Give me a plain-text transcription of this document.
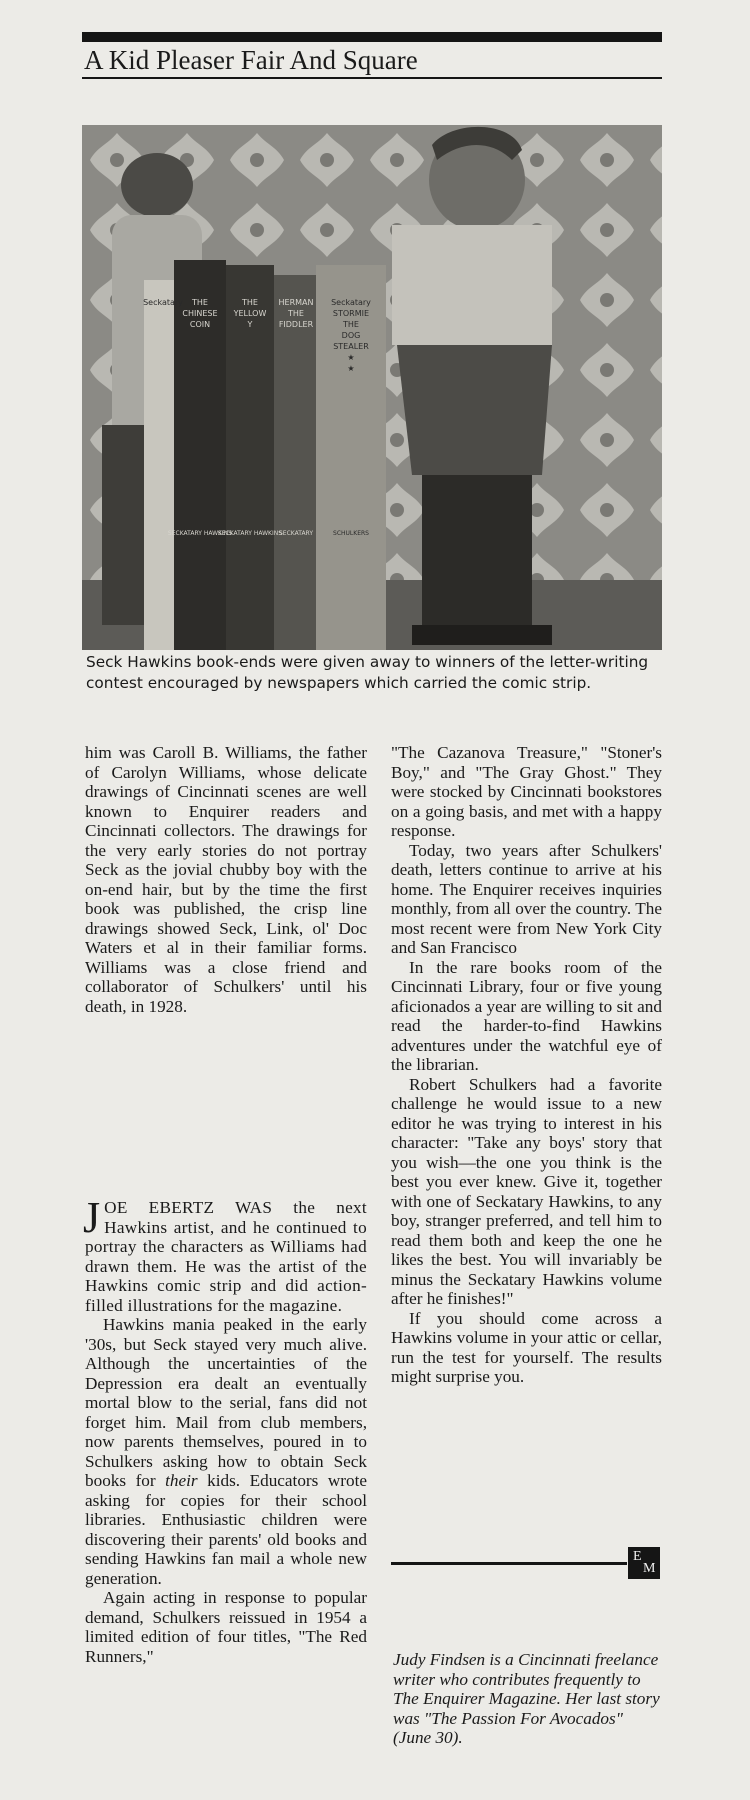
A Kid Pleaser Fair And Square
Seckatary THE
CHINESE
COIN
SECKATARY HAWKINS
THE
YELLOW
Y
SECKATARY HAWKINS
HERMAN
THE
FIDDLER
SECKATARY
Seckatary
STORMIE
THE
DOG
STEALER
★
★
SCHULKERS

Seck Hawkins book-ends were given away to winners of the letter-writing contest encouraged by newspapers which carried the comic strip.

him was Caroll B. Williams, the father of Carolyn Williams, whose delicate drawings of Cincinnati scenes are well known to Enquirer readers and Cincinnati collectors. The drawings for the very early stories do not portray Seck as the jovial chubby boy with the on-end hair, but by the time the first book was published, the crisp line drawings showed Seck, Link, ol' Doc Waters et al in their familiar forms. Williams was a close friend and collaborator of Schulkers' until his death, in 1928.

JOE EBERTZ WAS the next Hawkins artist, and he continued to portray the characters as Williams had drawn them. He was the artist of the Hawkins comic strip and did action-filled illustrations for the magazine.

Hawkins mania peaked in the early '30s, but Seck stayed very much alive. Although the uncertainties of the Depression era dealt an eventually mortal blow to the serial, fans did not forget him. Mail from club members, now parents themselves, poured in to Schulkers asking how to obtain Seck books for their kids. Educators wrote asking for copies for their school libraries. Enthusiastic children were discovering their parents' old books and sending Hawkins fan mail a whole new generation.

Again acting in response to popular demand, Schulkers reissued in 1954 a limited edition of four titles, "The Red Runners,"

"The Cazanova Treasure," "Stoner's Boy," and "The Gray Ghost." They were stocked by Cincinnati bookstores on a going basis, and met with a happy response.

Today, two years after Schulkers' death, letters continue to arrive at his home. The Enquirer receives inquiries monthly, from all over the country. The most recent were from New York City and San Francisco

In the rare books room of the Cincinnati Library, four or five young aficionados a year are willing to sit and read the harder-to-find Hawkins adventures under the watchful eye of the librarian.

Robert Schulkers had a favorite challenge he would issue to a new editor he was trying to interest in his character: "Take any boys' story that you wish—the one you think is the best you ever knew. Give it, together with one of Seckatary Hawkins, to any boy, stranger preferred, and tell him to read them both and keep the one he likes the best. You will invariably be minus the Seckatary Hawkins volume after he finishes!"

If you should come across a Hawkins volume in your attic or cellar, run the test for yourself. The results might surprise you.

E
M

Judy Findsen is a Cincinnati freelance writer who contributes frequently to The Enquirer Magazine. Her last story was "The Passion For Avocados" (June 30).
